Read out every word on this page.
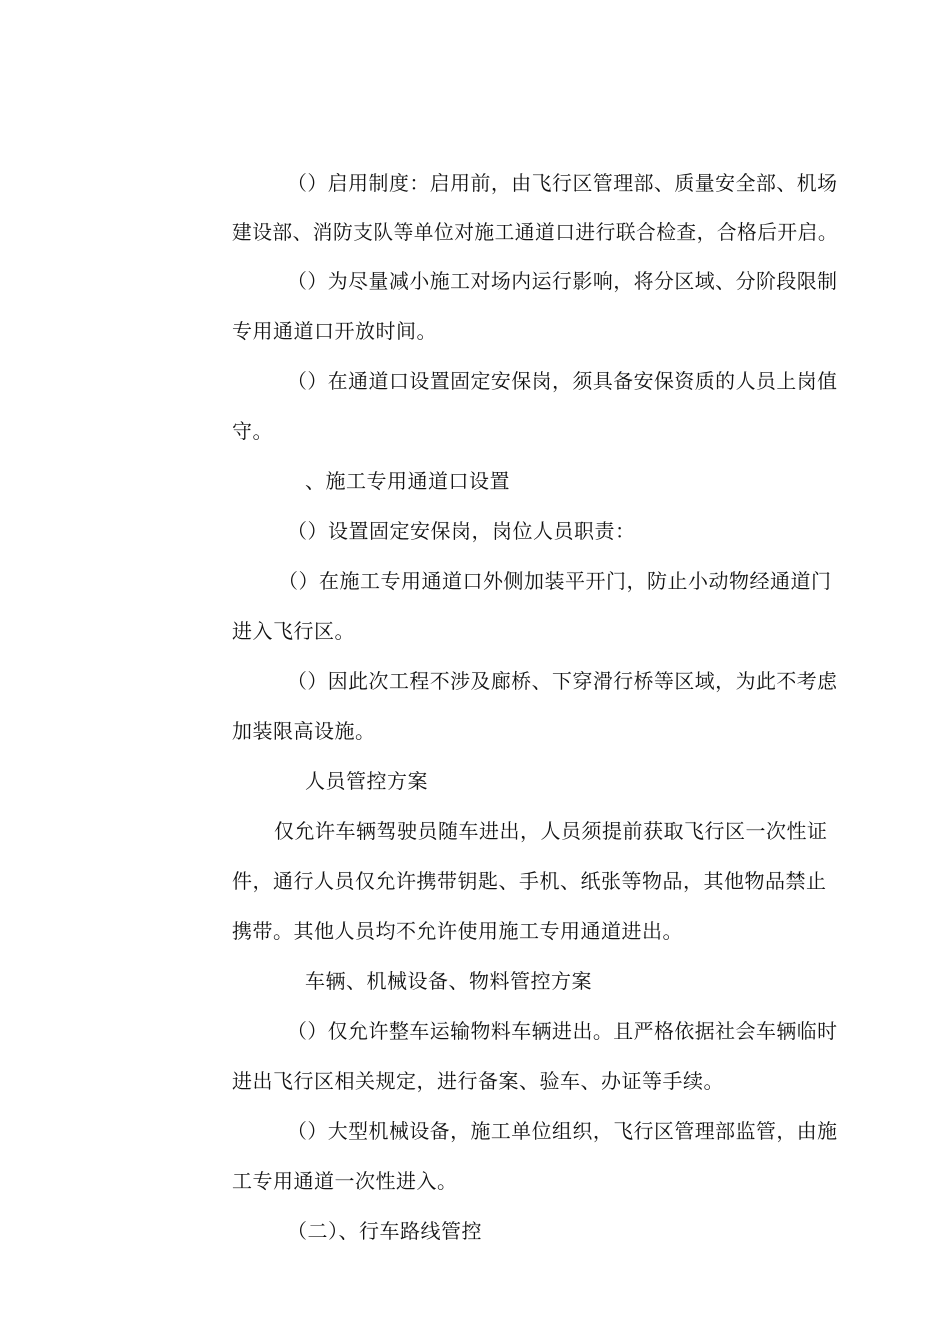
（）启用制度：启用前，由飞行区管理部、质量安全部、机场
建设部、消防支队等单位对施工通道口进行联合检查，合格后开启。
（）为尽量减小施工对场内运行影响，将分区域、分阶段限制
专用通道口开放时间。
（）在通道口设置固定安保岗，须具备安保资质的人员上岗值
守。
、施工专用通道口设置
（）设置固定安保岗，岗位人员职责：
（）在施工专用通道口外侧加装平开门，防止小动物经通道门
进入飞行区。
（）因此次工程不涉及廊桥、下穿滑行桥等区域，为此不考虑
加装限高设施。
人员管控方案
仅允许车辆驾驶员随车进出，人员须提前获取飞行区一次性证
件，通行人员仅允许携带钥匙、手机、纸张等物品，其他物品禁止
携带。其他人员均不允许使用施工专用通道进出。
车辆、机械设备、物料管控方案
（）仅允许整车运输物料车辆进出。且严格依据社会车辆临时
进出飞行区相关规定，进行备案、验车、办证等手续。
（）大型机械设备，施工单位组织，飞行区管理部监管，由施
工专用通道一次性进入。
（二）、行车路线管控
